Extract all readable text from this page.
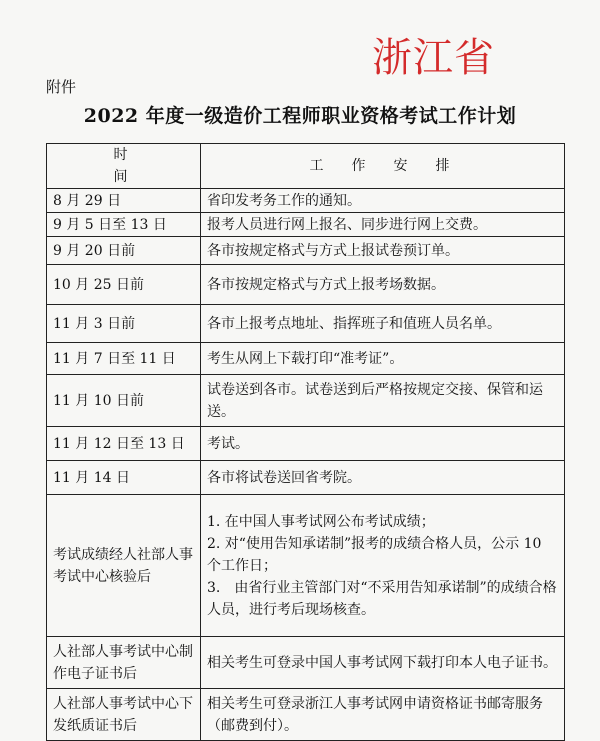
浙江省
附件
2022 年度一级造价工程师职业资格考试工作计划
时间	工作安排
8 月 29 日	省印发考务工作的通知。
9 月 5 日至 13 日	报考人员进行网上报名、同步进行网上交费。
9 月 20 日前	各市按规定格式与方式上报试卷预订单。
10 月 25 日前	各市按规定格式与方式上报考场数据。
11 月 3 日前	各市上报考点地址、指挥班子和值班人员名单。
11 月 7 日至 11 日	考生从网上下载打印“准考证”。
11 月 10 日前	试卷送到各市。试卷送到后严格按规定交接、保管和运送。
11 月 12 日至 13 日	考试。
11 月 14 日	各市将试卷送回省考院。
考试成绩经人社部人事考试中心核验后	1. 在中国人事考试网公布考试成绩；
2. 对“使用告知承诺制”报考的成绩合格人员，公示 10 个工作日；
3.　由省行业主管部门对“不采用告知承诺制”的成绩合格人员，进行考后现场核查。

人社部人事考试中心制作电子证书后	相关考生可登录中国人事考试网下载打印本人电子证书。
人社部人事考试中心下发纸质证书后	相关考生可登录浙江人事考试网申请资格证书邮寄服务（邮费到付）。
